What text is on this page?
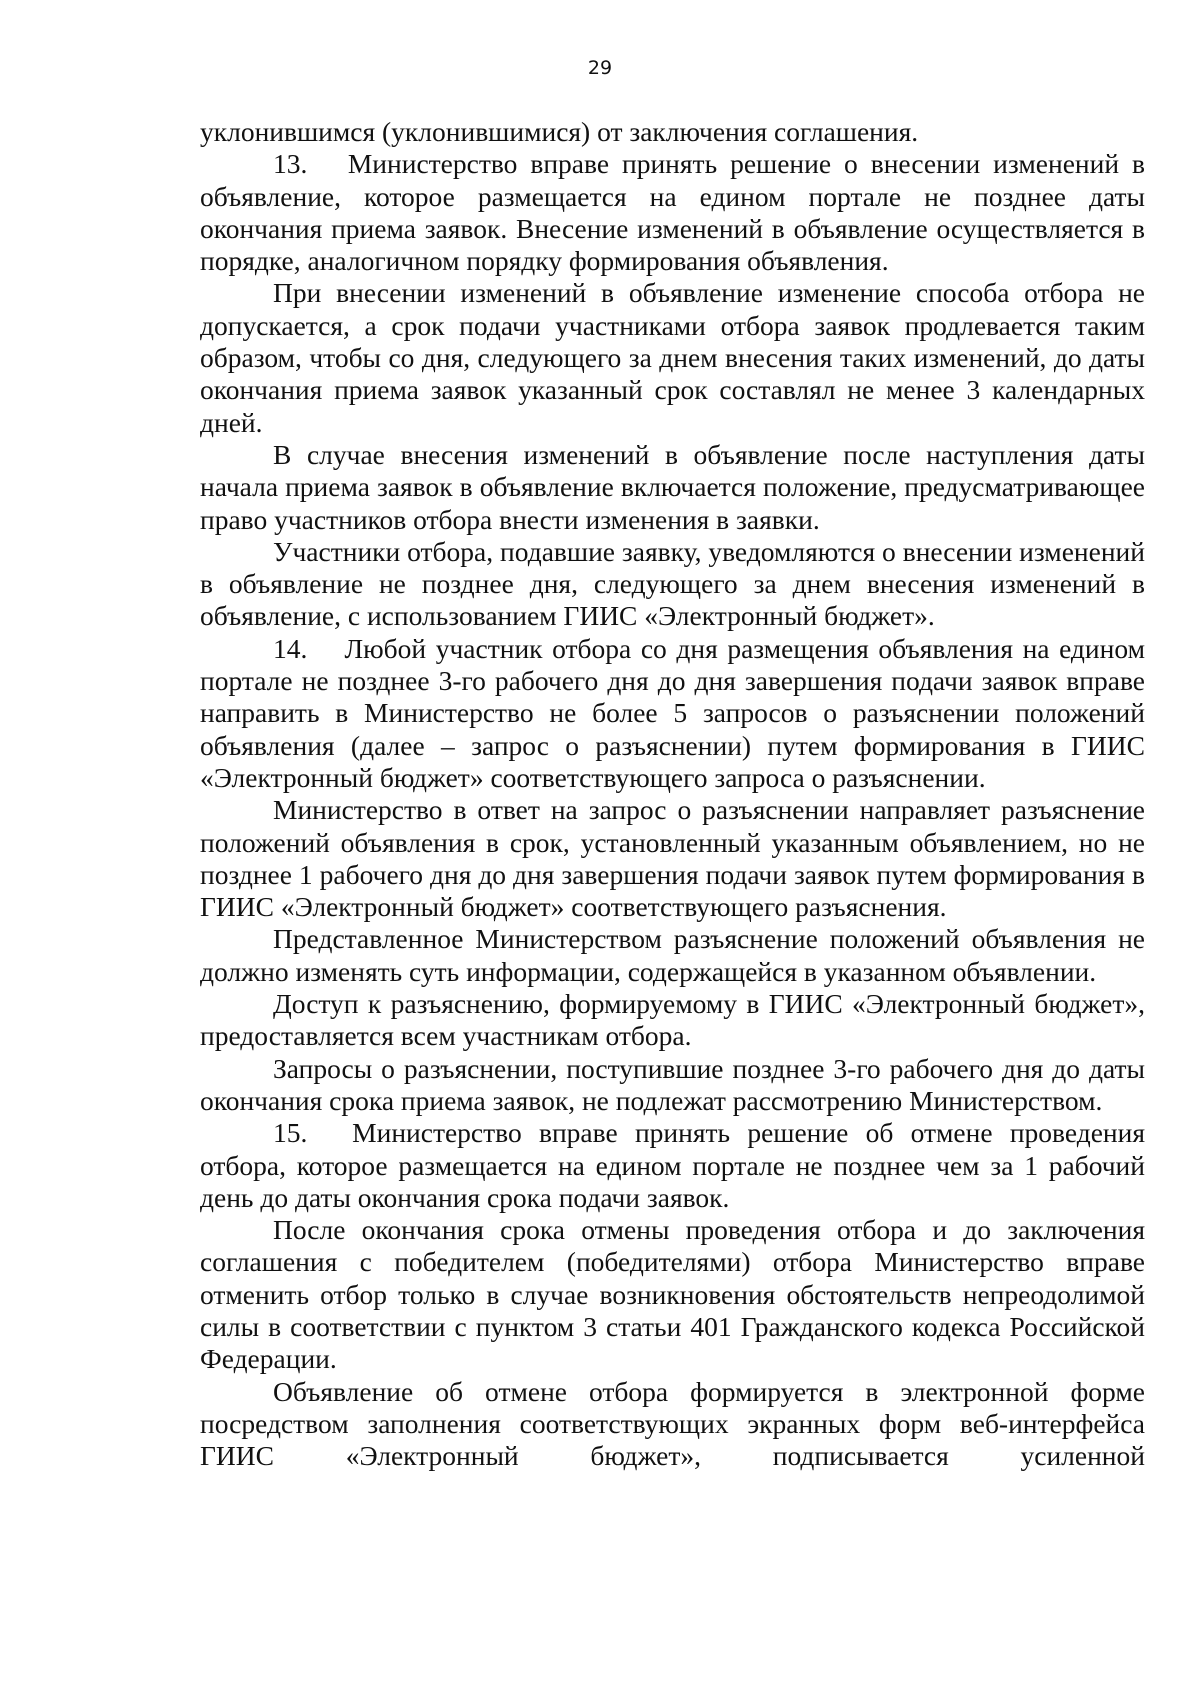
29

уклонившимся (уклонившимися) от заключения соглашения.

13.  Министерство вправе принять решение о внесении изменений в объявление, которое размещается на едином портале не позднее даты окончания приема заявок. Внесение изменений в объявление осуществляется в порядке, аналогичном порядку формирования объявления.

При внесении изменений в объявление изменение способа отбора не допускается, а срок подачи участниками отбора заявок продлевается таким образом, чтобы со дня, следующего за днем внесения таких изменений, до даты окончания приема заявок указанный срок составлял не менее 3 календарных дней.

В случае внесения изменений в объявление после наступления даты начала приема заявок в объявление включается положение, предусматривающее право участников отбора внести изменения в заявки.

Участники отбора, подавшие заявку, уведомляются о внесении изменений в объявление не позднее дня, следующего за днем внесения изменений в объявление, с использованием ГИИС «Электронный бюджет».

14.  Любой участник отбора со дня размещения объявления на едином портале не позднее 3-го рабочего дня до дня завершения подачи заявок вправе направить в Министерство не более 5 запросов о разъяснении положений объявления (далее – запрос о разъяснении) путем формирования в ГИИС «Электронный бюджет» соответствующего запроса о разъяснении.

Министерство в ответ на запрос о разъяснении направляет разъяснение положений объявления в срок, установленный указанным объявлением, но не позднее 1 рабочего дня до дня завершения подачи заявок путем формирования в ГИИС «Электронный бюджет» соответствующего разъяснения.

Представленное Министерством разъяснение положений объявления не должно изменять суть информации, содержащейся в указанном объявлении.

Доступ к разъяснению, формируемому в ГИИС «Электронный бюджет», предоставляется всем участникам отбора.

Запросы о разъяснении, поступившие позднее 3-го рабочего дня до даты окончания срока приема заявок, не подлежат рассмотрению Министерством.

15.  Министерство вправе принять решение об отмене проведения отбора, которое размещается на едином портале не позднее чем за 1 рабочий день до даты окончания срока подачи заявок.

После окончания срока отмены проведения отбора и до заключения соглашения с победителем (победителями) отбора Министерство вправе отменить отбор только в случае возникновения обстоятельств непреодолимой силы в соответствии с пунктом 3 статьи 401 Гражданского кодекса Российской Федерации.

Объявление об отмене отбора формируется в электронной форме посредством заполнения соответствующих экранных форм веб-интерфейса ГИИС «Электронный бюджет», подписывается усиленной
